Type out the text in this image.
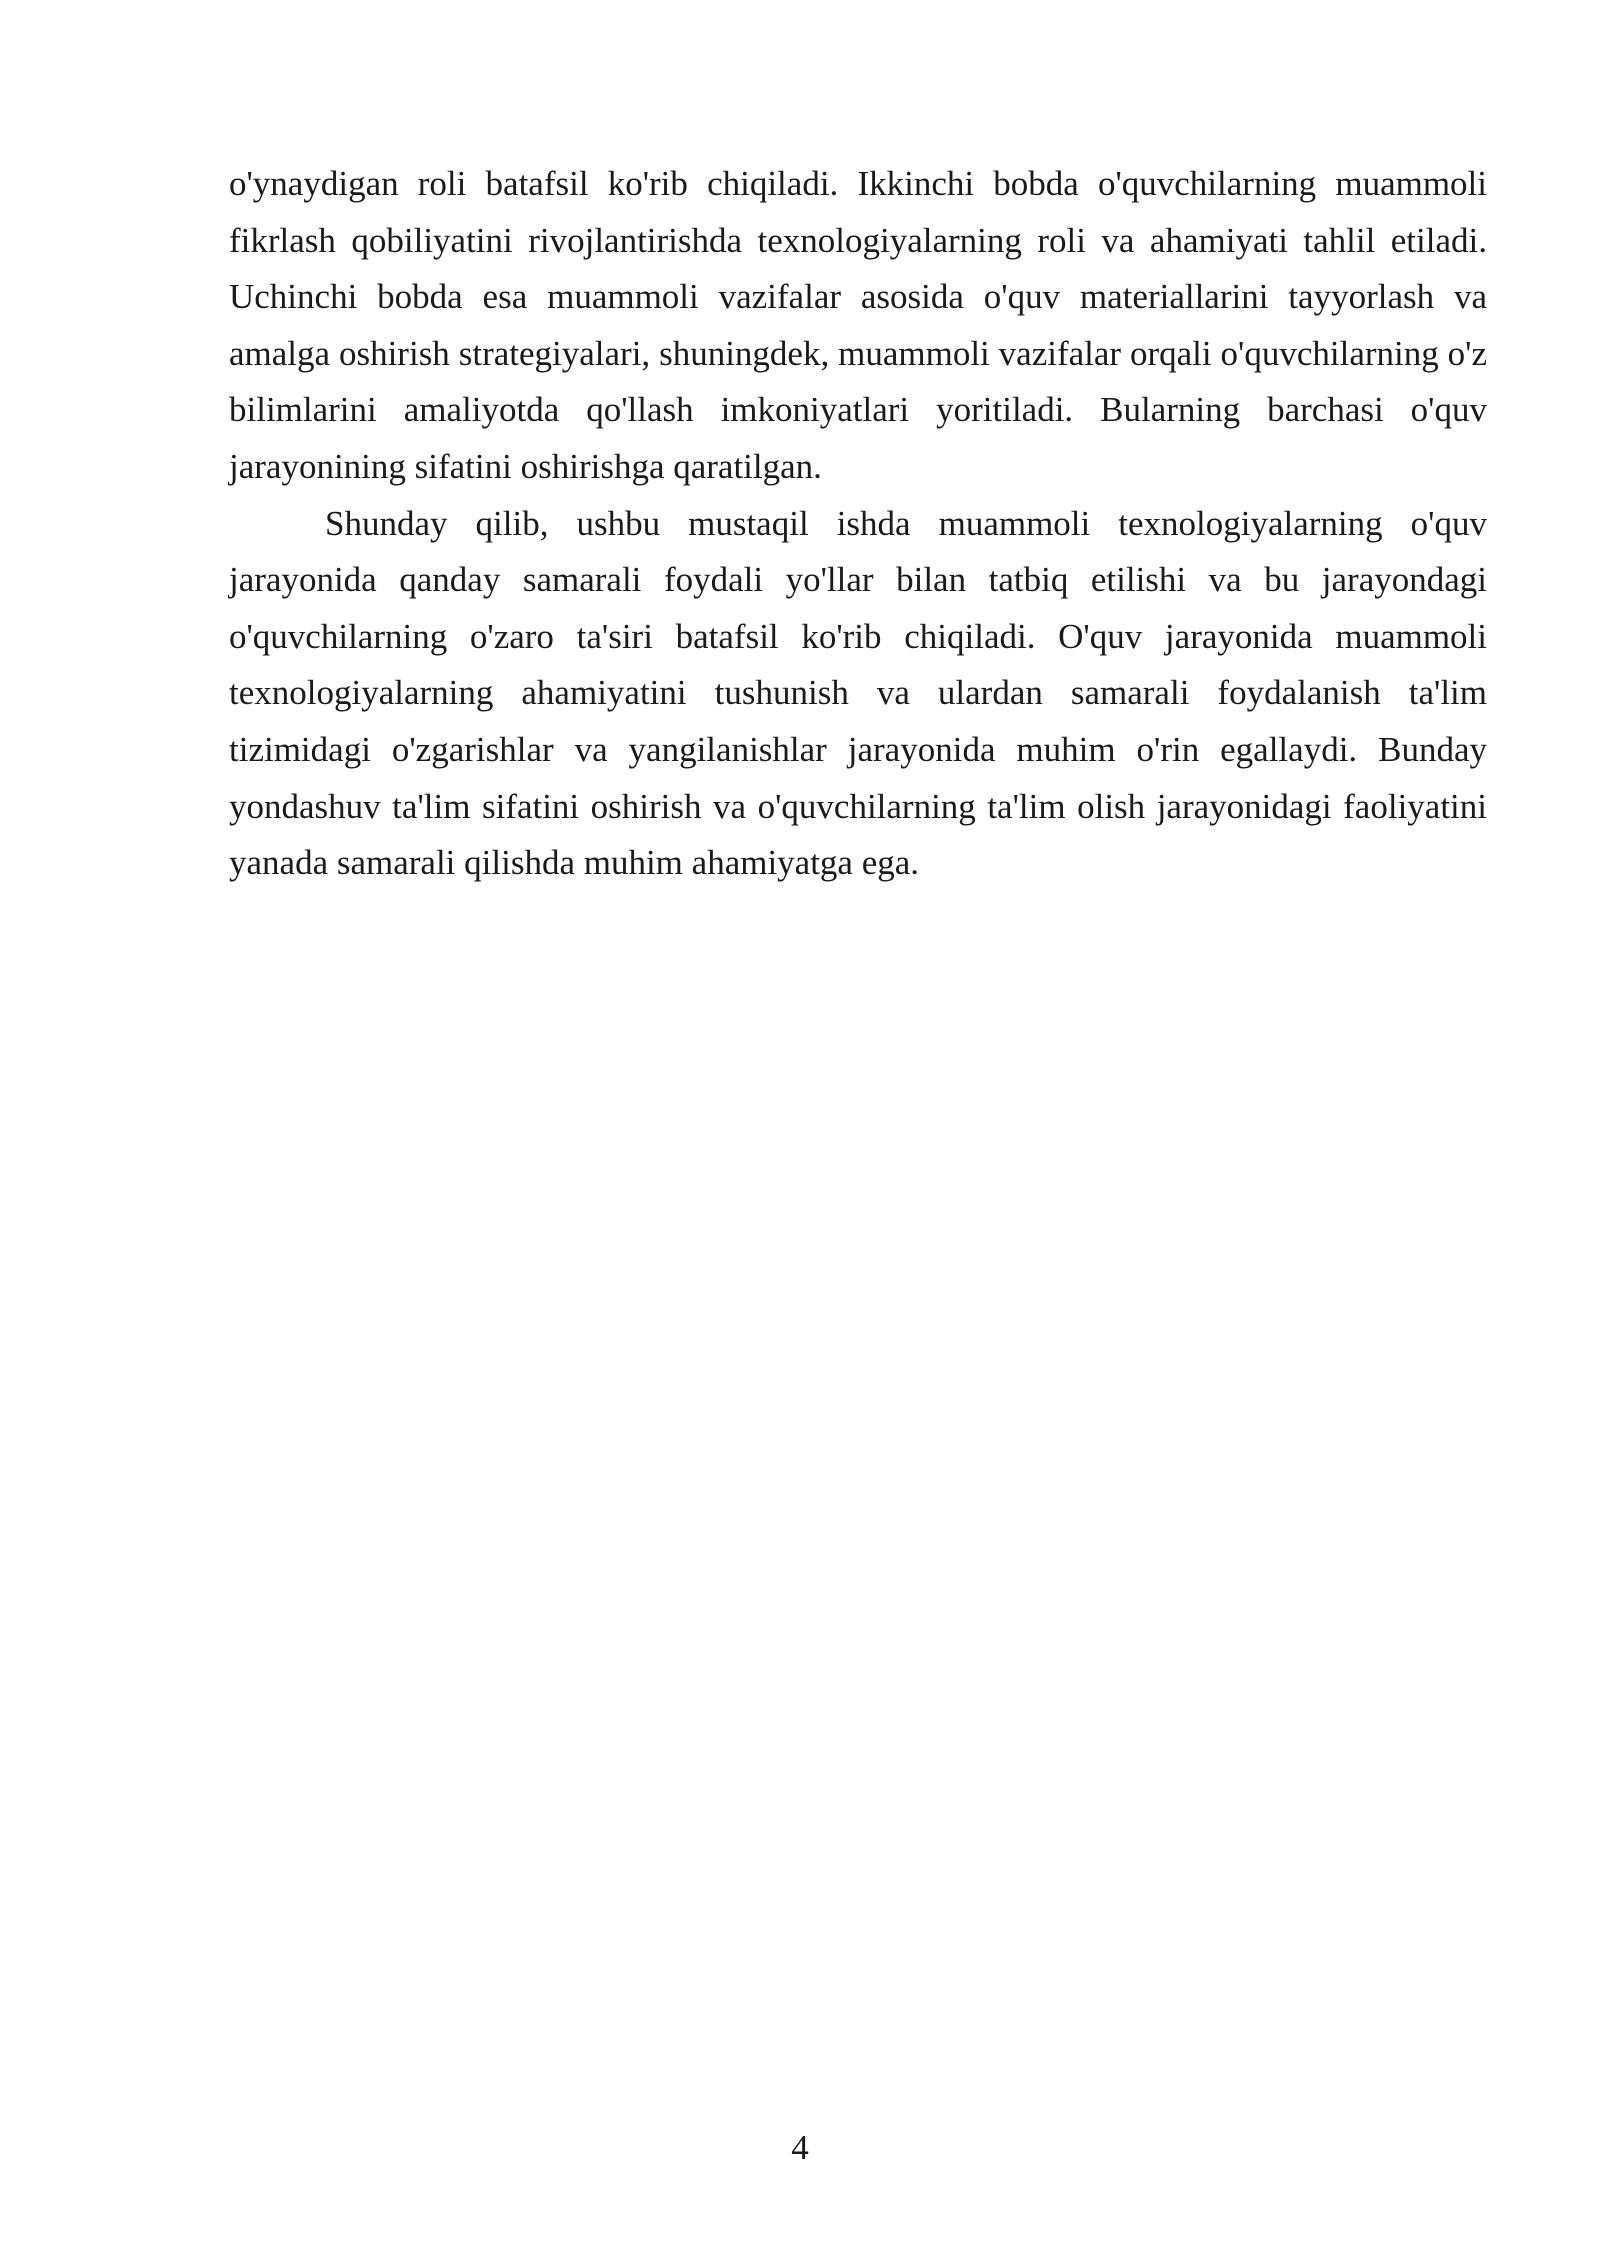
o'ynaydigan roli batafsil ko'rib chiqiladi. Ikkinchi bobda o'quvchilarning muammoli fikrlash qobiliyatini rivojlantirishda texnologiyalarning roli va ahamiyati tahlil etiladi. Uchinchi bobda esa muammoli vazifalar asosida o'quv materiallarini tayyorlash va amalga oshirish strategiyalari, shuningdek, muammoli vazifalar orqali o'quvchilarning o'z bilimlarini amaliyotda qo'llash imkoniyatlari yoritiladi. Bularning barchasi o'quv jarayonining sifatini oshirishga qaratilgan.

Shunday qilib, ushbu mustaqil ishda muammoli texnologiyalarning o'quv jarayonida qanday samarali foydali yo'llar bilan tatbiq etilishi va bu jarayondagi o'quvchilarning o'zaro ta'siri batafsil ko'rib chiqiladi. O'quv jarayonida muammoli texnologiyalarning ahamiyatini tushunish va ulardan samarali foydalanish ta'lim tizimidagi o'zgarishlar va yangilanishlar jarayonida muhim o'rin egallaydi. Bunday yondashuv ta'lim sifatini oshirish va o'quvchilarning ta'lim olish jarayonidagi faoliyatini yanada samarali qilishda muhim ahamiyatga ega.

4
